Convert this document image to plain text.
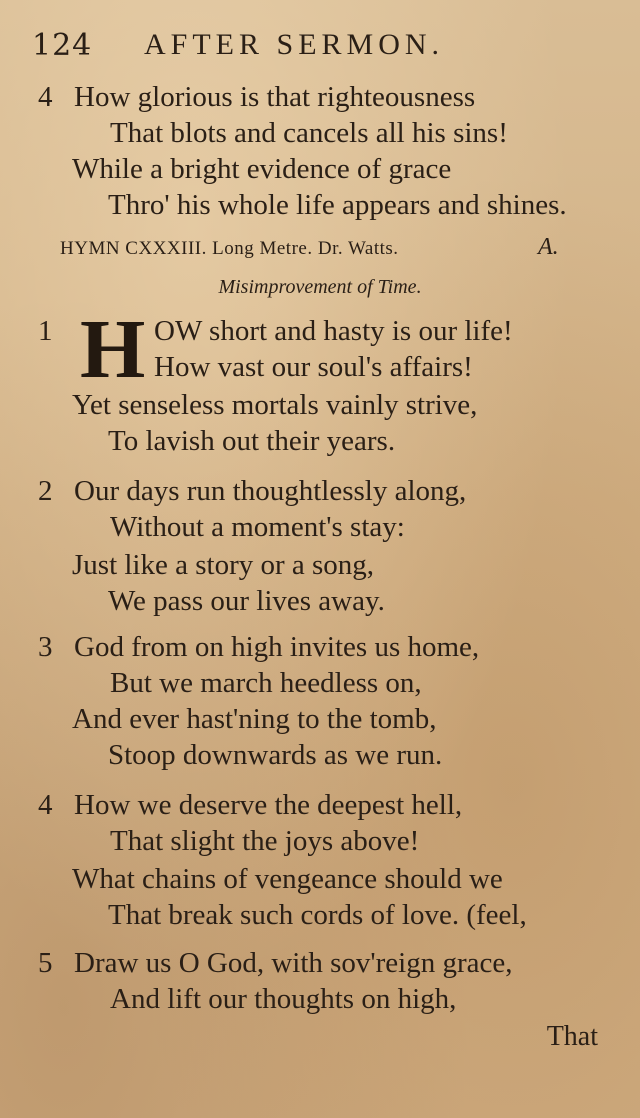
124 AFTER SERMON.
4 How glorious is that righteousness
That blots and cancels all his sins!
While a bright evidence of grace
Thro' his whole life appears and shines.
HYMN CXXXIII. Long Metre. Dr. Watts.	A.
Misimprovement of Time.
1	OW short and hasty is our life!
How vast our soul's affairs!
Yet senseless mortals vainly strive,
To lavish out their years.
H
2 Our days run thoughtlessly along,
Without a moment's stay:
Just like a story or a song,
We pass our lives away.
3 God from on high invites us home,
But we march heedless on,
And ever hast'ning to the tomb,
Stoop downwards as we run.
4 How we deserve the deepest hell,
That slight the joys above!
What chains of vengeance should we
That break such cords of love. (feel,
5 Draw us O God, with sov'reign grace,
And lift our thoughts on high,
That
